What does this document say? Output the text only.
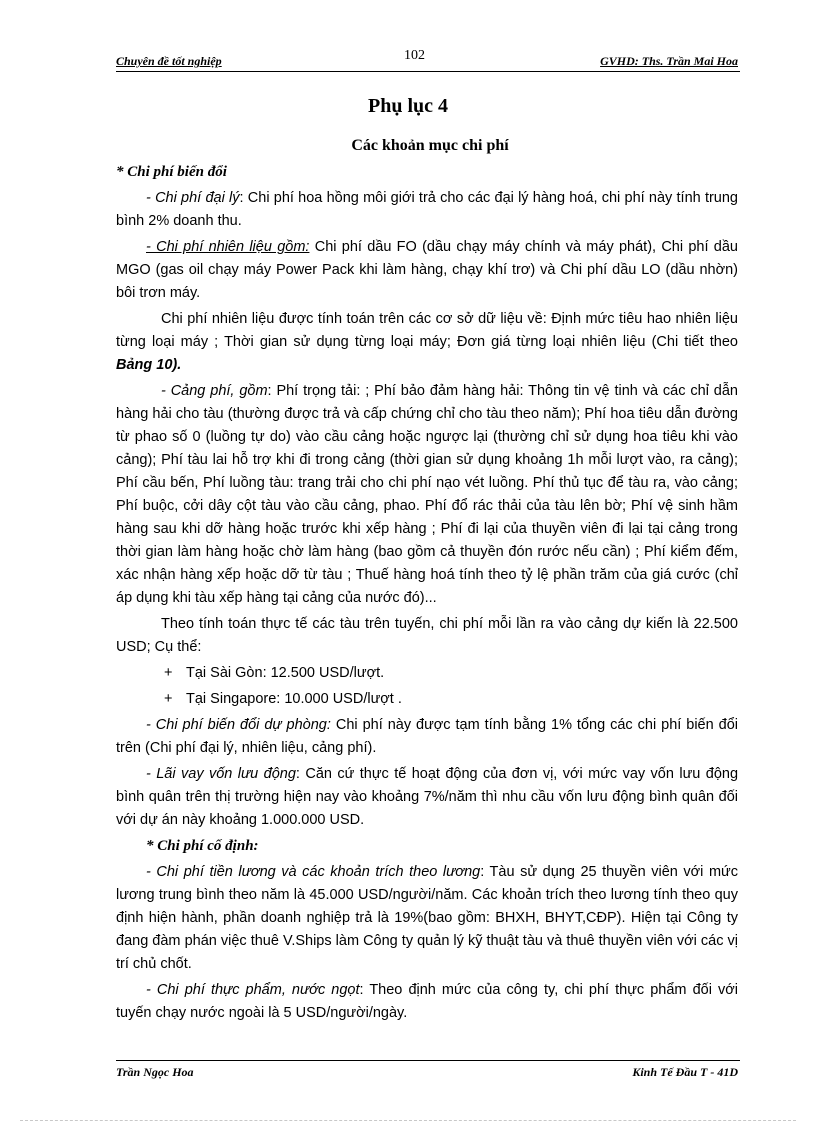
Chuyên đề tốt nghiệp	102	GVHD: Ths. Trần Mai Hoa
Phụ lục 4
Các khoản mục chi phí

* Chi phí biến đổi

- Chi phí đại lý: Chi phí hoa hồng môi giới trả cho các đại lý hàng hoá, chi phí này tính trung bình 2% doanh thu.

- Chi phí nhiên liệu gồm: Chi phí dầu FO (dầu chạy máy chính và máy phát), Chi phí dầu MGO (gas oil chạy máy Power Pack khi làm hàng, chạy khí trơ) và Chi phí dầu LO (dầu nhờn) bôi trơn máy.

Chi phí nhiên liệu được tính toán trên các cơ sở dữ liệu về: Định mức tiêu hao nhiên liệu từng loại máy ; Thời gian sử dụng từng loại máy; Đơn giá từng loại nhiên liệu (Chi tiết theo Bảng 10).

- Cảng phí, gồm: Phí trọng tải: ; Phí bảo đảm hàng hải: Thông tin vệ tinh và các chỉ dẫn hàng hải cho tàu (thường được trả và cấp chứng chỉ cho tàu theo năm); Phí hoa tiêu dẫn đường từ phao số 0 (luồng tự do) vào cầu cảng hoặc ngược lại (thường chỉ sử dụng hoa tiêu khi vào cảng); Phí tàu lai hỗ trợ khi đi trong cảng (thời gian sử dụng khoảng 1h mỗi lượt vào, ra cảng); Phí cầu bến, Phí luồng tàu: trang trải cho chi phí nạo vét luồng. Phí thủ tục để tàu ra, vào cảng; Phí buộc, cởi dây cột tàu vào cầu cảng, phao. Phí đổ rác thải của tàu lên bờ; Phí vệ sinh hầm hàng sau khi dỡ hàng hoặc trước khi xếp hàng ; Phí đi lại của thuyền viên đi lại tại cảng trong thời gian làm hàng hoặc chờ làm hàng (bao gồm cả thuyền đón rước nếu cần) ; Phí kiểm đếm, xác nhận hàng xếp hoặc dỡ từ tàu ; Thuế hàng hoá tính theo tỷ lệ phần trăm của giá cước (chỉ áp dụng khi tàu xếp hàng tại cảng của nước đó)...

Theo tính toán thực tế các tàu trên tuyến, chi phí mỗi lần ra vào cảng dự kiến là 22.500 USD; Cụ thể:

+ Tại Sài Gòn: 12.500 USD/lượt.

+ Tại Singapore: 10.000 USD/lượt .

- Chi phí biến đổi dự phòng: Chi phí này được tạm tính bằng 1% tổng các chi phí biến đổi trên (Chi phí đại lý, nhiên liệu, cảng phí).

- Lãi vay vốn lưu động: Căn cứ thực tế hoạt động của đơn vị, với mức vay vốn lưu động bình quân trên thị trường hiện nay vào khoảng 7%/năm thì nhu cầu vốn lưu động bình quân đối với dự án này khoảng 1.000.000 USD.

* Chi phí cố định:

- Chi phí tiền lương và các khoản trích theo lương: Tàu sử dụng 25 thuyền viên với mức lương trung bình theo năm là 45.000 USD/người/năm. Các khoản trích theo lương tính theo quy định hiện hành, phần doanh nghiệp trả là 19%(bao gồm: BHXH, BHYT,CĐP). Hiện tại Công ty đang đàm phán việc thuê V.Ships làm Công ty quản lý kỹ thuật tàu và thuê thuyền viên với các vị trí chủ chốt.

- Chi phí thực phẩm, nước ngọt: Theo định mức của công ty, chi phí thực phẩm đối với tuyến chạy nước ngoài là 5 USD/người/ngày.

Trần Ngọc Hoa	Kinh Tế Đầu T - 41D
